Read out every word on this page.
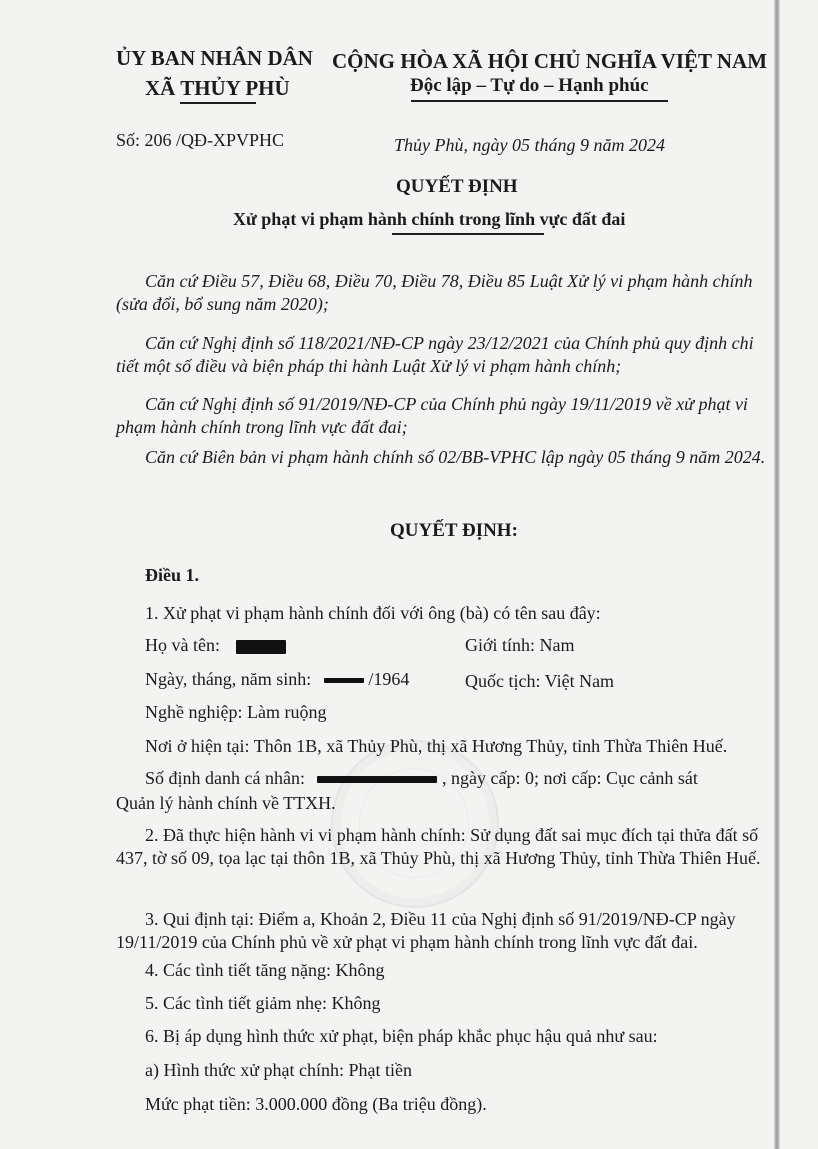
ỦY BAN NHÂN DÂN
XÃ THỦY PHÙ
CỘNG HÒA XÃ HỘI CHỦ NGHĨA VIỆT NAM
Độc lập – Tự do – Hạnh phúc
Số: 206 /QĐ-XPVPHC	Thủy Phù, ngày 05 tháng 9 năm 2024
QUYẾT ĐỊNH
Xử phạt vi phạm hành chính trong lĩnh vực đất đai
Căn cứ Điều 57, Điều 68, Điều 70, Điều 78, Điều 85 Luật Xử lý vi phạm hành chính (sửa đổi, bổ sung năm 2020);
Căn cứ Nghị định số 118/2021/NĐ-CP ngày 23/12/2021 của Chính phủ quy định chi tiết một số điều và biện pháp thi hành Luật Xử lý vi phạm hành chính;
Căn cứ Nghị định số 91/2019/NĐ-CP của Chính phủ ngày 19/11/2019 về xử phạt vi phạm hành chính trong lĩnh vực đất đai;
Căn cứ Biên bản vi phạm hành chính số 02/BB-VPHC lập ngày 05 tháng 9 năm 2024.
QUYẾT ĐỊNH:
Điều 1.
1. Xử phạt vi phạm hành chính đối với ông (bà) có tên sau đây:
Họ và tên:	Giới tính: Nam
Ngày, tháng, năm sinh:	/1964	Quốc tịch: Việt Nam
Nghề nghiệp: Làm ruộng
Nơi ở hiện tại: Thôn 1B, xã Thủy Phù, thị xã Hương Thủy, tỉnh Thừa Thiên Huế.
Số định danh cá nhân:	, ngày cấp: 0; nơi cấp: Cục cảnh sát
Quản lý hành chính về TTXH.
2. Đã thực hiện hành vi vi phạm hành chính: Sử dụng đất sai mục đích tại thửa đất số 437, tờ số 09, tọa lạc tại thôn 1B, xã Thủy Phù, thị xã Hương Thủy, tỉnh Thừa Thiên Huế.
3. Qui định tại: Điểm a, Khoản 2, Điều 11 của Nghị định số 91/2019/NĐ-CP ngày 19/11/2019 của Chính phủ về xử phạt vi phạm hành chính trong lĩnh vực đất đai.
4. Các tình tiết tăng nặng: Không
5. Các tình tiết giảm nhẹ: Không
6. Bị áp dụng hình thức xử phạt, biện pháp khắc phục hậu quả như sau:
a) Hình thức xử phạt chính: Phạt tiền
Mức phạt tiền: 3.000.000 đồng (Ba triệu đồng).
